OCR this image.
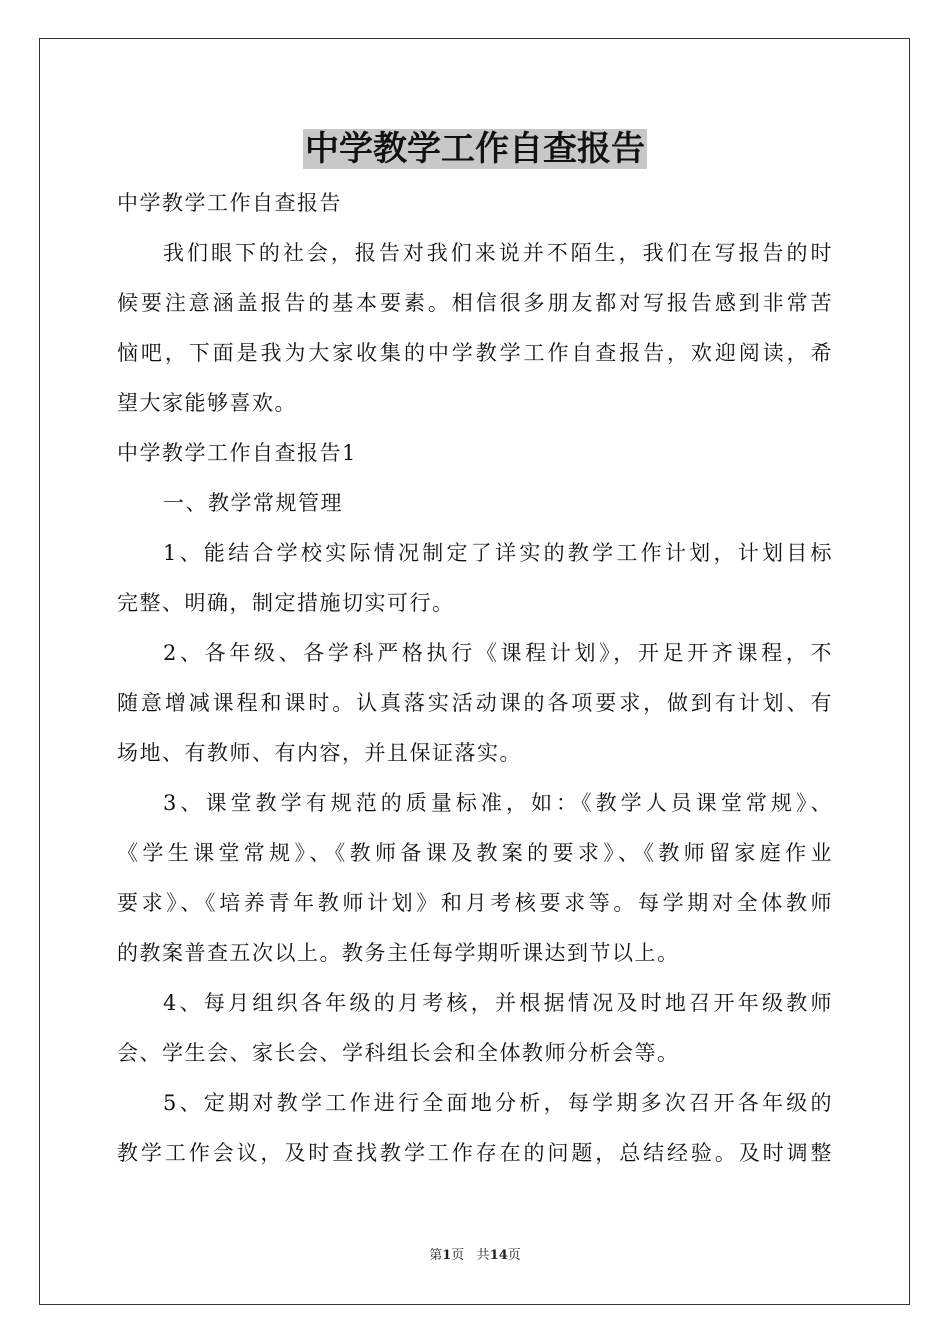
中学教学工作自查报告
中学教学工作自查报告
我们眼下的社会，报告对我们来说并不陌生，我们在写报告的时
候要注意涵盖报告的基本要素。相信很多朋友都对写报告感到非常苦
恼吧，下面是我为大家收集的中学教学工作自查报告，欢迎阅读，希
望大家能够喜欢。
中学教学工作自查报告1
一、教学常规管理
1、能结合学校实际情况制定了详实的教学工作计划，计划目标
完整、明确，制定措施切实可行。
2、各年级、各学科严格执行《课程计划》，开足开齐课程，不
随意增减课程和课时。认真落实活动课的各项要求，做到有计划、有
场地、有教师、有内容，并且保证落实。
3、课堂教学有规范的质量标准，如：《教学人员课堂常规》、
《学生课堂常规》、《教师备课及教案的要求》、《教师留家庭作业
要求》、《培养青年教师计划》和月考核要求等。每学期对全体教师
的教案普查五次以上。教务主任每学期听课达到节以上。
4、每月组织各年级的月考核，并根据情况及时地召开年级教师
会、学生会、家长会、学科组长会和全体教师分析会等。
5、定期对教学工作进行全面地分析，每学期多次召开各年级的
教学工作会议，及时查找教学工作存在的问题，总结经验。及时调整
第1页 共14页
